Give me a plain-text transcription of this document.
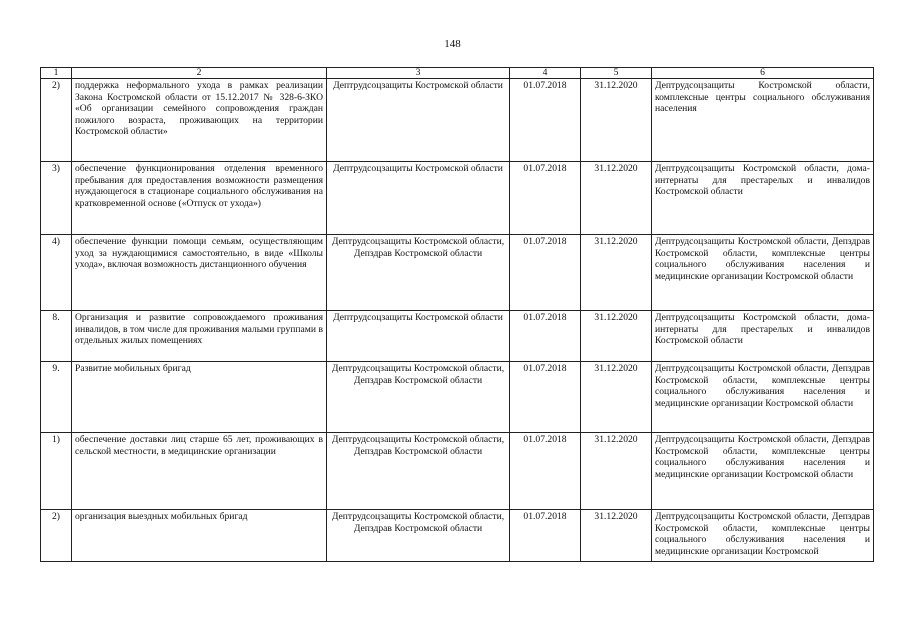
148
1	2	3	4	5	6
2)	поддержка неформального ухода в рамках реализации Закона Костромской области от 15.12.2017 № 328-6-ЗКО «Об организации семейного сопровождения граждан пожилого возраста, проживающих на территории Костромской области»	Дептрудсоцзащиты Костромской области	01.07.2018	31.12.2020	Дептрудсоцзащиты Костромской области, комплексные центры социального обслуживания населения
3)	обеспечение функционирования отделения временного пребывания для предоставления возможности размещения нуждающегося в стационаре социального обслуживания на кратковременной основе («Отпуск от ухода»)	Дептрудсоцзащиты Костромской области	01.07.2018	31.12.2020	Дептрудсоцзащиты Костромской области, дома-интернаты для престарелых и инвалидов Костромской области
4)	обеспечение функции помощи семьям, осуществляющим уход за нуждающимися самостоятельно, в виде «Школы ухода», включая возможность дистанционного обучения	Дептрудсоцзащиты Костромской области, Депздрав Костромской области	01.07.2018	31.12.2020	Дептрудсоцзащиты Костромской области, Депздрав Костромской области, комплексные центры социального обслуживания населения и медицинские организации Костромской области
8.	Организация и развитие сопровождаемого проживания инвалидов, в том числе для проживания малыми группами в отдельных жилых помещениях	Дептрудсоцзащиты Костромской области	01.07.2018	31.12.2020	Дептрудсоцзащиты Костромской области, дома-интернаты для престарелых и инвалидов Костромской области
9.	Развитие мобильных бригад	Дептрудсоцзащиты Костромской области, Депздрав Костромской области	01.07.2018	31.12.2020	Дептрудсоцзащиты Костромской области, Депздрав Костромской области, комплексные центры социального обслуживания населения и медицинские организации Костромской области
1)	обеспечение доставки лиц старше 65 лет, проживающих в сельской местности, в медицинские организации	Дептрудсоцзащиты Костромской области, Депздрав Костромской области	01.07.2018	31.12.2020	Дептрудсоцзащиты Костромской области, Депздрав Костромской области, комплексные центры социального обслуживания населения и медицинские организации Костромской области
2)	организация выездных мобильных бригад	Дептрудсоцзащиты Костромской области, Депздрав Костромской области	01.07.2018	31.12.2020	Дептрудсоцзащиты Костромской области, Депздрав Костромской области, комплексные центры социального обслуживания населения и медицинские организации Костромской
